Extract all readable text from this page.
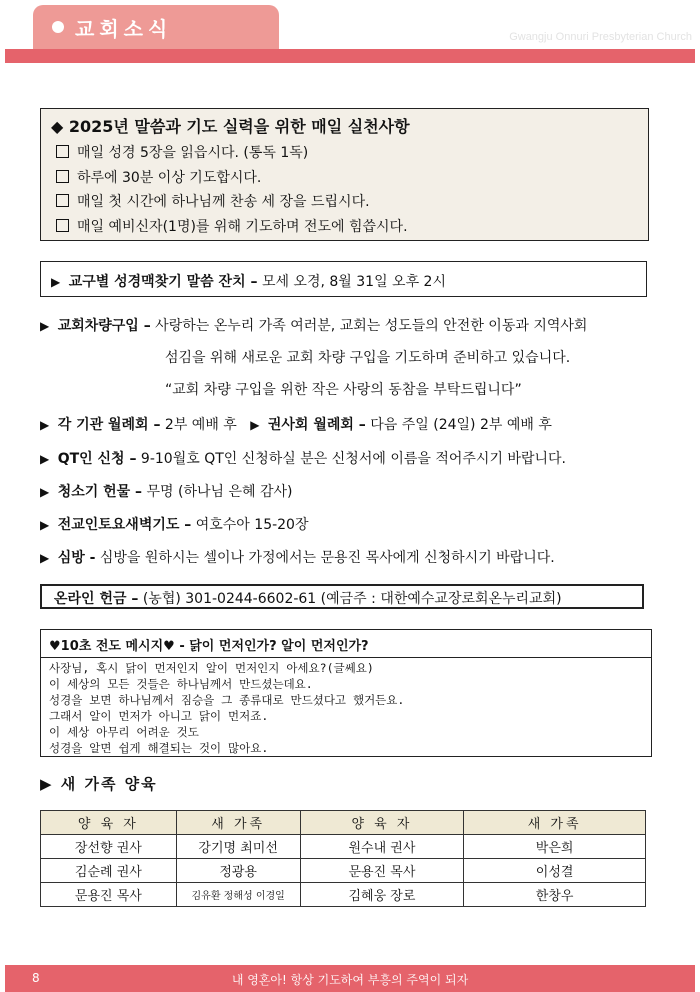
교회소식	Gwangju Onnuri Presbyterian Church
◆ 2025년 말씀과 기도 실력을 위한 매일 실천사항
매일 성경 5장을 읽읍시다. (통독 1독)
하루에 30분 이상 기도합시다.
매일 첫 시간에 하나님께 찬송 세 장을 드립시다.
매일 예비신자(1명)를 위해 기도하며 전도에 힘씁시다.
▶ 교구별 성경맥찾기 말씀 잔치 – 모세 오경, 8월 31일 오후 2시
▶ 교회차량구입 – 사랑하는 온누리 가족 여러분, 교회는 성도들의 안전한 이동과 지역사회
섬김을 위해 새로운 교회 차량 구입을 기도하며 준비하고 있습니다.
“교회 차량 구입을 위한 작은 사랑의 동참을 부탁드립니다”
▶ 각 기관 월례회 – 2부 예배 후 ▶ 권사회 월례회 – 다음 주일 (24일) 2부 예배 후
▶ QT인 신청 – 9-10월호 QT인 신청하실 분은 신청서에 이름을 적어주시기 바랍니다.
▶ 청소기 헌물 – 무명 (하나님 은혜 감사)
▶ 전교인토요새벽기도 – 여호수아 15-20장
▶ 심방 - 심방을 원하시는 셀이나 가정에서는 문용진 목사에게 신청하시기 바랍니다.
온라인 헌금 – (농협) 301-0244-6602-61 (예금주 : 대한예수교장로회온누리교회)
♥10초 전도 메시지♥ - 닭이 먼저인가? 알이 먼저인가?
사장님, 혹시 닭이 먼저인지 알이 먼저인지 아세요?(글쎄요)
이 세상의 모든 것들은 하나님께서 만드셨는데요.
성경을 보면 하나님께서 짐승을 그 종류대로 만드셨다고 했거든요.
그래서 알이 먼저가 아니고 닭이 먼저죠.
이 세상 아무리 어려운 것도
성경을 알면 쉽게 해결되는 것이 많아요.
▶ 새 가족 양육
양 육 자	새 가족	양 육 자	새 가족
장선향 권사	강기명 최미선	원수내 권사	박은희
김순례 권사	정광용	문용진 목사	이성결
문용진 목사	김유환 정해성 이경일	김혜웅 장로	한창우
8	내 영혼아! 항상 기도하여 부흥의 주역이 되자
